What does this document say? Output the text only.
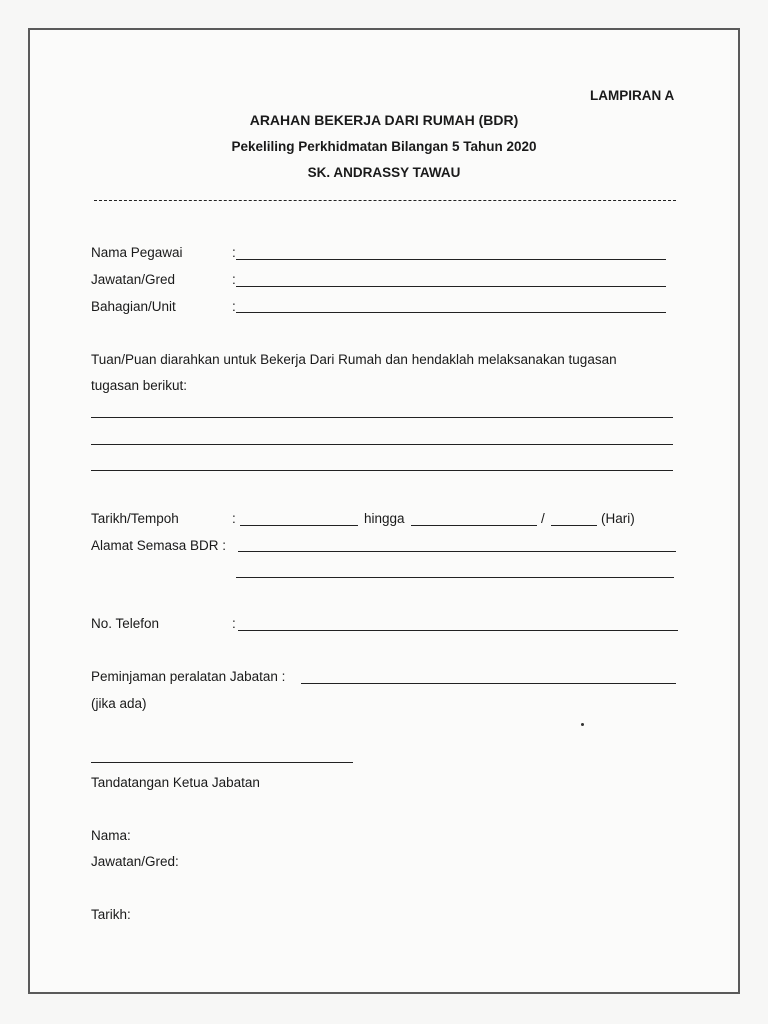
LAMPIRAN A
ARAHAN BEKERJA DARI RUMAH (BDR)
Pekeliling Perkhidmatan Bilangan 5 Tahun 2020
SK. ANDRASSY TAWAU
Nama Pegawai	:
Jawatan/Gred	:
Bahagian/Unit	:
Tuan/Puan diarahkan untuk Bekerja Dari Rumah dan hendaklah melaksanakan tugasan
tugasan berikut:
Tarikh/Tempoh	:	hingga	/	(Hari)
Alamat Semasa BDR :
No. Telefon	:
Peminjaman peralatan Jabatan :
(jika ada)
Tandatangan Ketua Jabatan
Nama:
Jawatan/Gred:
Tarikh:
